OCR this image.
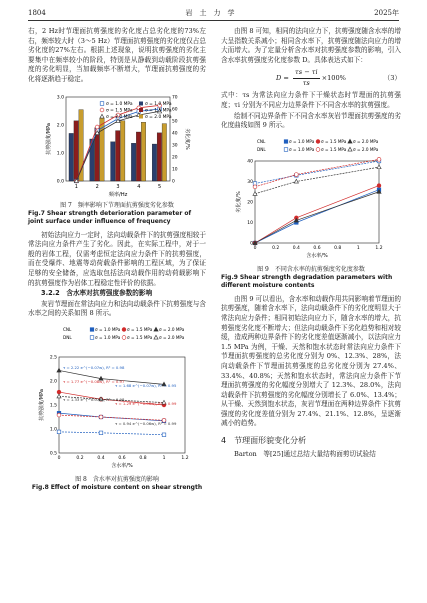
1804	岩　土　力　学	2025年

右，2 Hz时节理面抗剪强度的劣化度占总劣化度的73%左右，频率较大时（3～5 Hz）节理面抗剪强度的劣化度仅占总劣化度的27%左右。根据上述现象，说明抗剪强度的劣化主要集中在频率较小的阶段，特别是从静载到动载阶段抗剪强度的劣化明显，当加载频率不断增大，节理面抗剪强度的劣化将逐渐趋于稳定。

1	2	3	4	5
0.0
1.0
2.0
3.0
0
10
20
30
40
50
60
70
抗剪强度/MPa	劣化度/%
频率/Hz
σ = 1.0 MPa
σ = 1.5 MPa
σ = 2.0 MPa
σ = 1.0 MPa
σ = 1.5 MPa
σ = 2.0 MPa
图 7　频率影响下节理面抗剪强度劣化参数
Fig.7 Shear strength deterioration parameter of joint surface under influence of frequency

初始法向应力一定时，法向动载条件下的抗剪强度相较于常法向应力条件产生了劣化。因此，在实际工程中，对于一般的岩体工程，仅需考虑恒定法向应力条件下的抗剪强度，而在受爆炸、地震等动荷载条件影响的工程区域，为了保证足够的安全储备，应选取包括法向动载作用的动荷载影响下的抗剪强度作为岩体工程稳定性评价的依据。

3.2.2　含水率对抗剪强度参数的影响

灰岩节理面在常法向应力和法向动载条件下抗剪强度与含水率之间的关系如图 8 所示。

0	0.2	0.4	0.6	0.8	1	1.2
0.5
1.0
1.5
2.0
2.5
τ = 2.22 e^(−0.07w), R² = 0.98
τ = 1.77 e^(−0.08w), R² = 0.97
τ = 1.33 e^(−0.07w), R² = 0.98
τ = 1.68 e^(−0.07w), R² = 0.95
τ = 1.29 e^(−0.06w), R² = 0.99
τ = 0.94 e^(−0.06w), R² = 0.99
CNL	σ = 1.0 MPa σ = 1.5 MPa σ = 2.0 MPa
DNL	σ = 1.0 MPa σ = 1.5 MPa σ = 2.0 MPa
抗剪强度/MPa
含水率/%
图 8　含水率对抗剪强度的影响
Fig.8 Effect of moisture content on shear strength

由图 8 可知，相同的法向应力下，抗剪强度随含水率的增大呈指数关系减小；相同含水率下，抗剪强度随法向应力的增大而增大。为了定量分析含水率对抗剪强度参数的影响，引入含水率抗剪强度劣化度参数 D。具体表达式如下：

$D = \frac{\tau s - \tau i}{\tau s} \times 100\%$	（3）

式中：τs 为常法向应力条件下干燥状态时节理面的抗剪强度；τi 分别为不同应力边界条件下不同含水率的抗剪强度。

绘制不同边界条件下不同含水率灰岩节理面抗剪强度的劣化度曲线如图 9 所示。

0	0.2	0.4	0.6	0.8	1	1.2
0
10
20
30
40
CNL	σ = 1.0 MPa σ = 1.5 MPa σ = 2.0 MPa
DNL	σ = 1.0 MPa σ = 1.5 MPa σ = 2.0 MPa
劣化度/%
含水率/%
图 9　不同含水率的抗剪强度劣化度参数
Fig.9 Shear strength degradation parameters with different moisture contents

由图 9 可以看出，含水率和动载作用共同影响着节理面的抗剪强度，随着含水率下，法向动载条件下的劣化度明显大于常法向应力条件；相同初始法向应力下，随含水率的增大，抗剪强度劣化度不断增大；但法向动载条件下劣化趋势和相对较缓，造成两种边界条件下的劣化度差值逐渐减小，以法向应力 1.5 MPa 为例，干燥、天然和饱水状态时常法向应力条件下节理面抗剪强度的总劣化度分别为 0%、12.3%、28%，法向动载条件下节理面抗剪强度的总劣化度分别为 27.4%、33.4%、40.8%；天然和饱水状态时，常法向应力条件下节理面抗剪强度的劣化幅度分别增大了 12.3%、28.0%，法向动载条件下抗剪强度的劣化幅度分别增长了 6.0%、13.4%；从干燥、天然到饱水状态，灰岩节理面在两种边界条件下抗剪强度的劣化度差值分别为 27.4%、21.1%、12.8%，呈逐渐减小的趋势。

4　节理面形貌变化分析

Barton　等[25]通过总结大量结构面剪切试验结
